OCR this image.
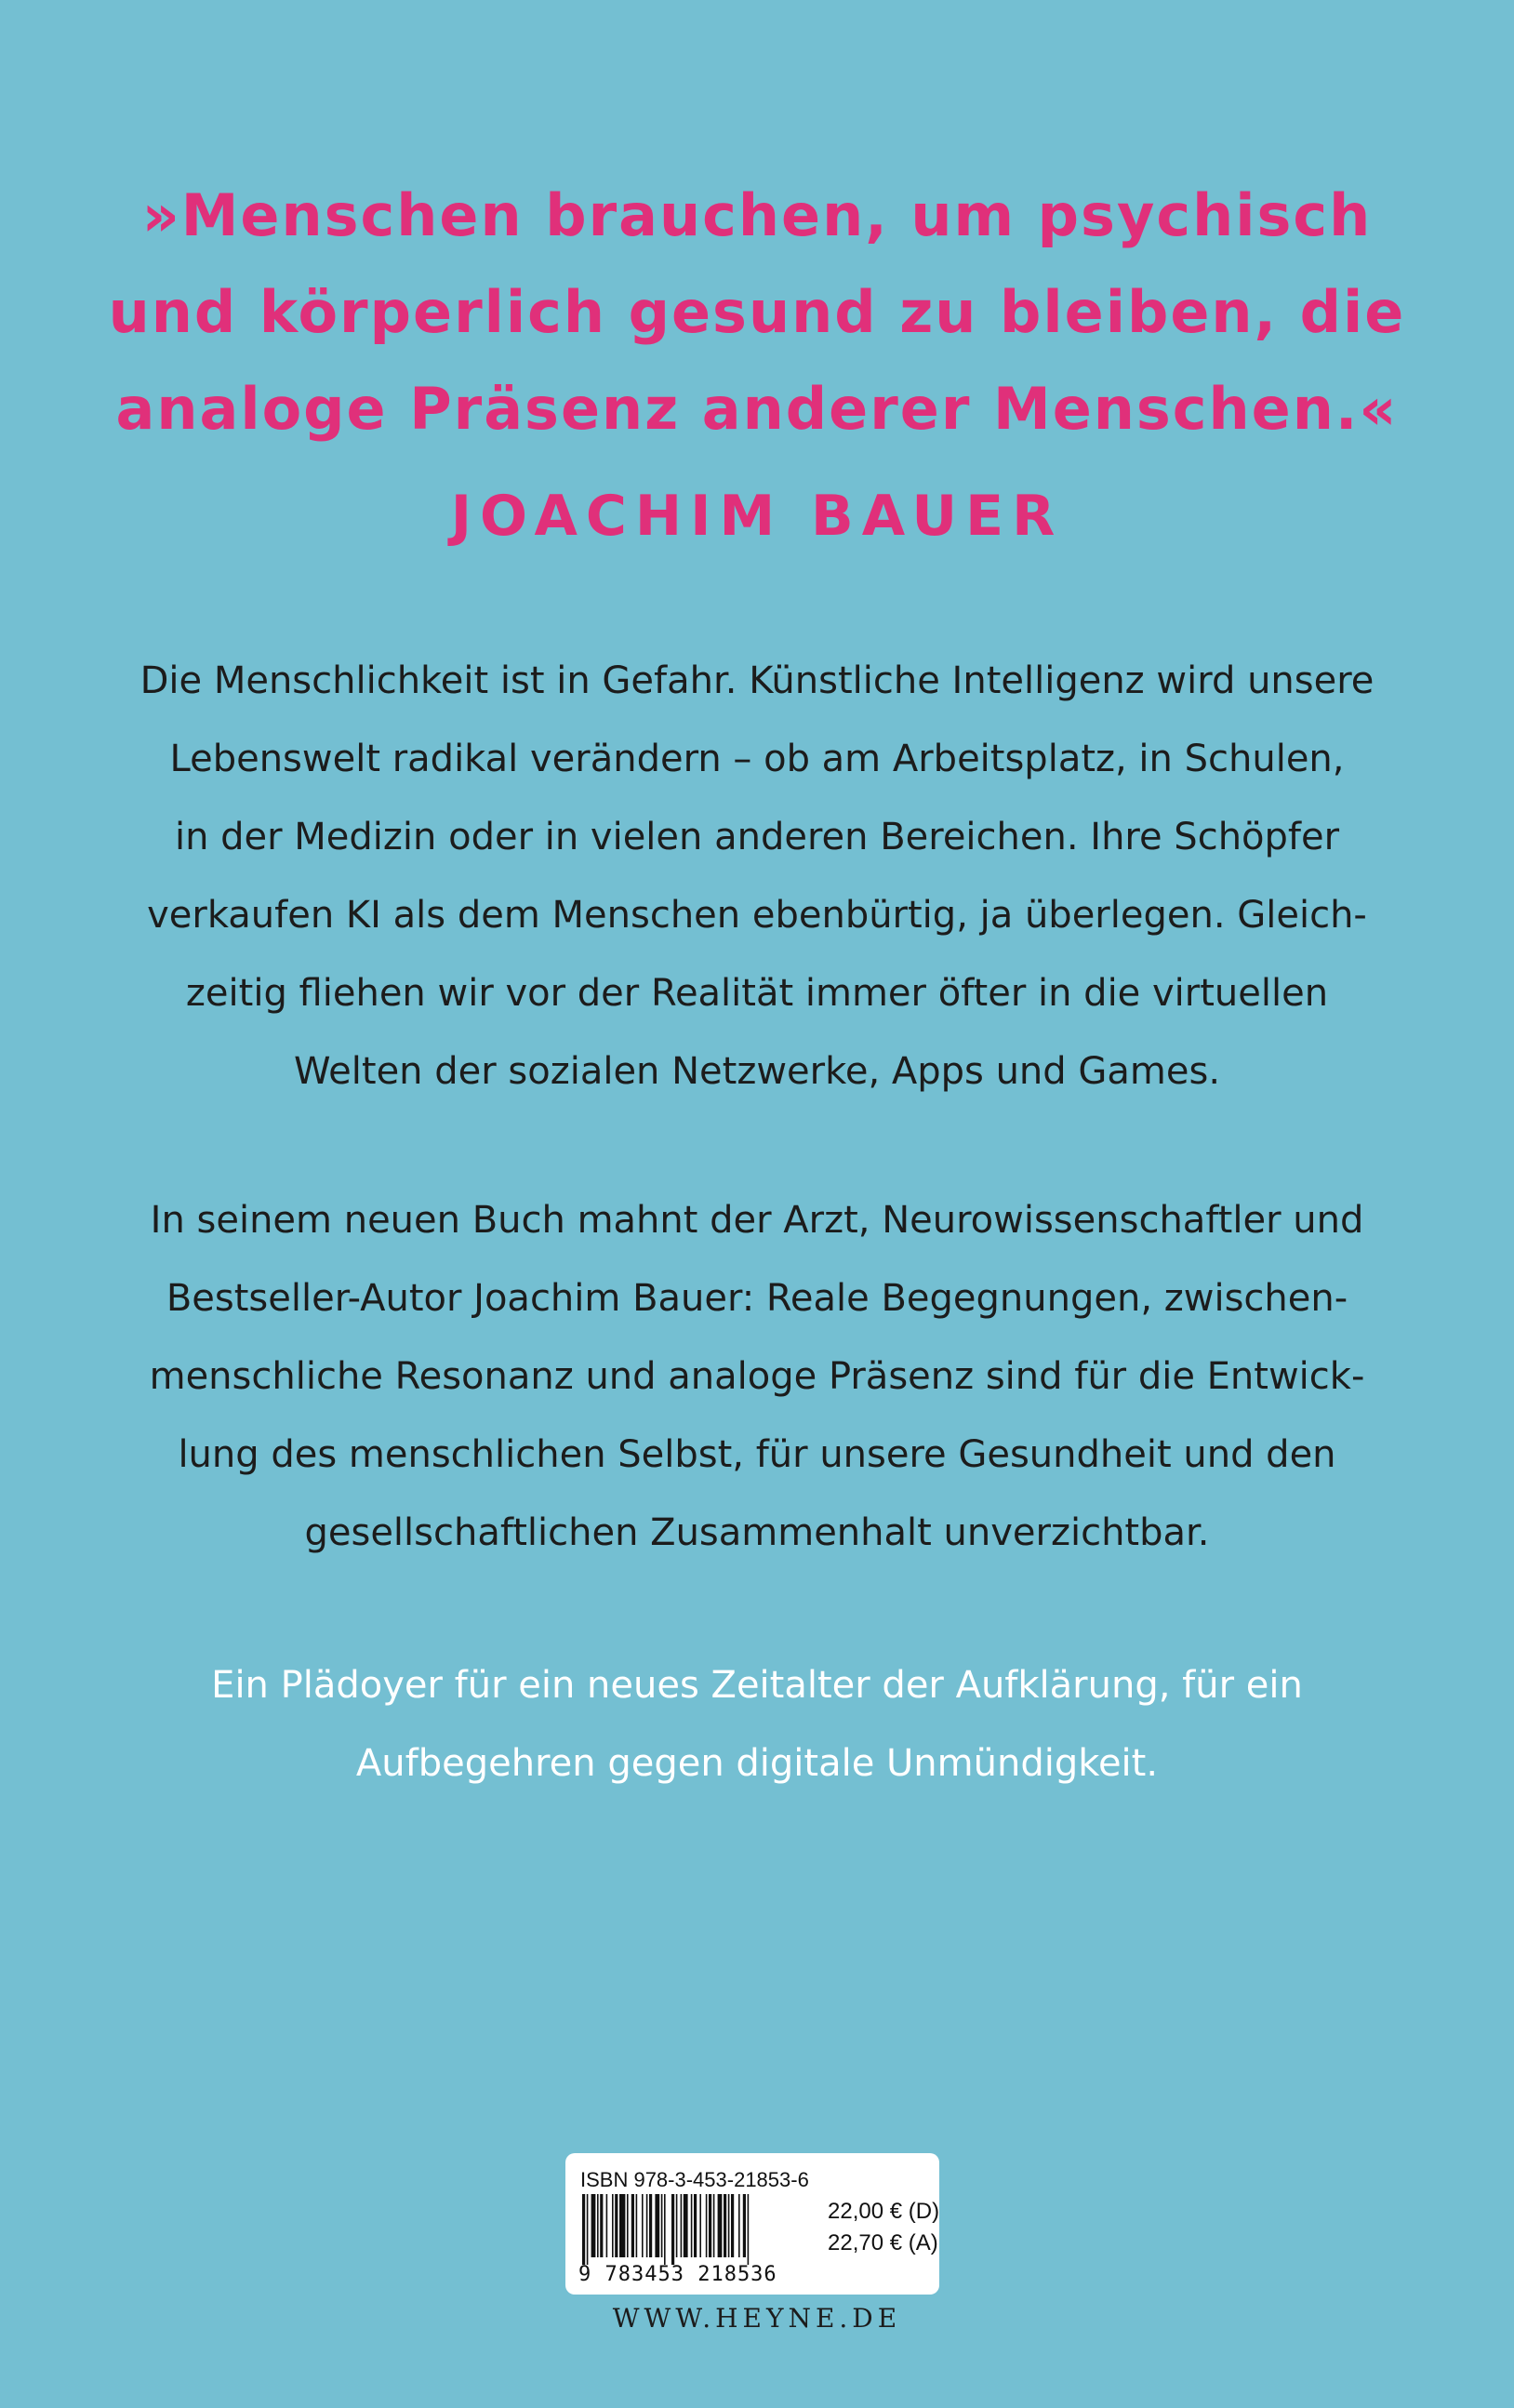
»Menschen brauchen, um psychisch
und körperlich gesund zu bleiben, die
analoge Präsenz anderer Menschen.«
JOACHIM BAUER
Die Menschlichkeit ist in Gefahr. Künstliche Intelligenz wird unsere
Lebenswelt radikal verändern – ob am Arbeitsplatz, in Schulen,
in der Medizin oder in vielen anderen Bereichen. Ihre Schöpfer
verkaufen KI als dem Menschen ebenbürtig, ja überlegen. Gleich-
zeitig fliehen wir vor der Realität immer öfter in die virtuellen
Welten der sozialen Netzwerke, Apps und Games.
In seinem neuen Buch mahnt der Arzt, Neurowissenschaftler und
Bestseller-Autor Joachim Bauer: Reale Begegnungen, zwischen-
menschliche Resonanz und analoge Präsenz sind für die Entwick-
lung des menschlichen Selbst, für unsere Gesundheit und den
gesellschaftlichen Zusammenhalt unverzichtbar.
Ein Plädoyer für ein neues Zeitalter der Aufklärung, für ein
Aufbegehren gegen digitale Unmündigkeit.
ISBN 978-3-453-21853-6
9 783453 218536
22,00 € (D)
22,70 € (A)
WWW.HEYNE.DE
